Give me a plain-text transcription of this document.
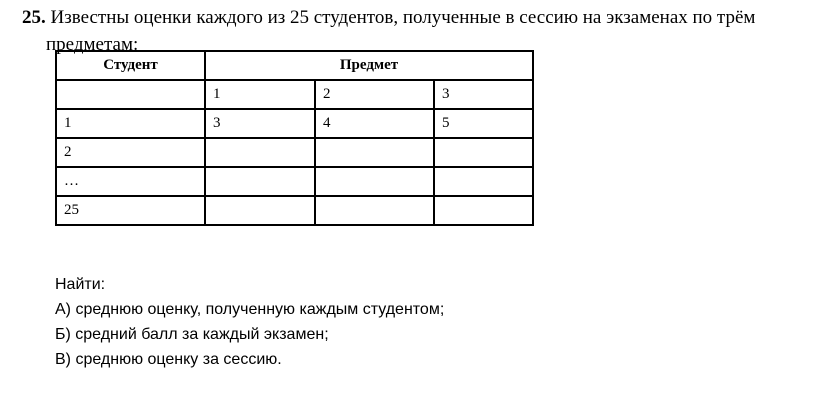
25. Известны оценки каждого из 25 студентов, полученные в сессию на экзаменах по трём
предметам:
Студент	Предмет		
	1	2	3
1	3	4	5
2			
…			
25			
Найти:
А) среднюю оценку, полученную каждым студентом;
Б) средний балл за каждый экзамен;
В) среднюю оценку за сессию.
